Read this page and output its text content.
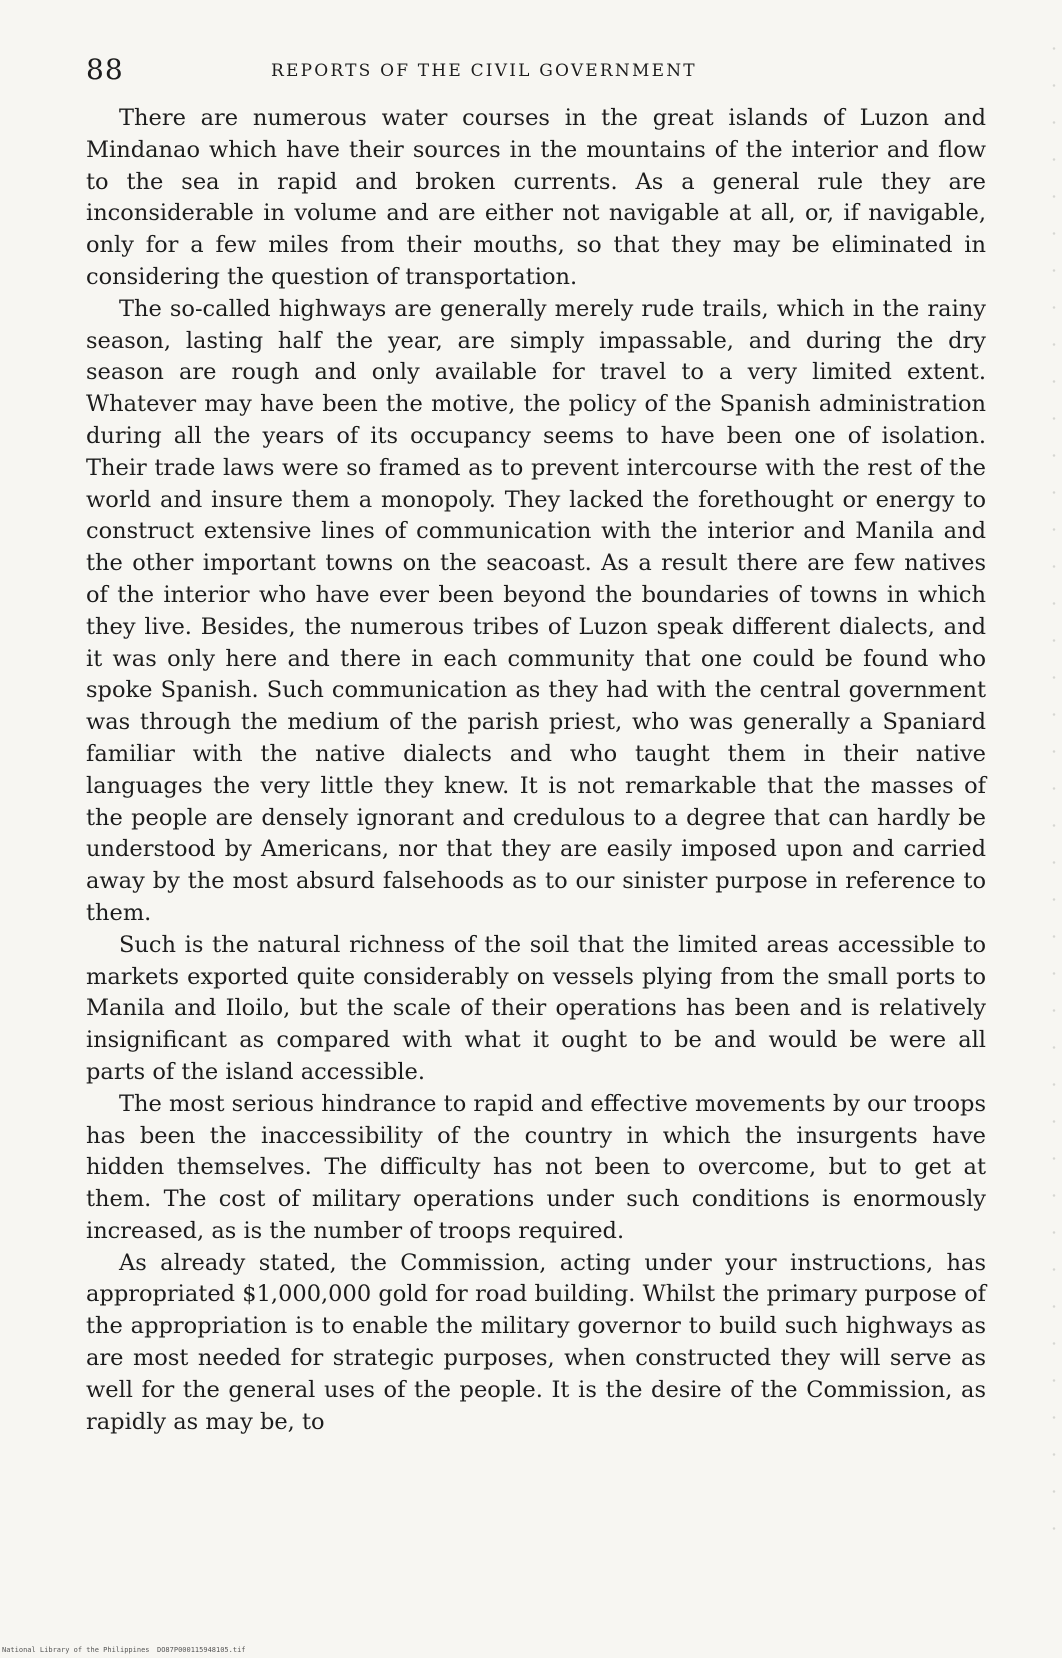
88	REPORTS OF THE CIVIL GOVERNMENT

There are numerous water courses in the great islands of Luzon and Mindanao which have their sources in the mountains of the interior and flow to the sea in rapid and broken currents. As a general rule they are inconsiderable in volume and are either not navigable at all, or, if navigable, only for a few miles from their mouths, so that they may be eliminated in considering the question of transportation.

The so-called highways are generally merely rude trails, which in the rainy season, lasting half the year, are simply impassable, and during the dry season are rough and only available for travel to a very limited extent. Whatever may have been the motive, the policy of the Spanish administration during all the years of its occupancy seems to have been one of isolation. Their trade laws were so framed as to prevent intercourse with the rest of the world and insure them a monopoly. They lacked the forethought or energy to construct extensive lines of communication with the interior and Manila and the other important towns on the seacoast. As a result there are few natives of the interior who have ever been beyond the boundaries of towns in which they live. Besides, the numerous tribes of Luzon speak different dialects, and it was only here and there in each community that one could be found who spoke Spanish. Such communication as they had with the central government was through the medium of the parish priest, who was generally a Spaniard familiar with the native dialects and who taught them in their native languages the very little they knew. It is not remarkable that the masses of the people are densely ignorant and credulous to a degree that can hardly be understood by Americans, nor that they are easily imposed upon and carried away by the most absurd falsehoods as to our sinister purpose in reference to them.

Such is the natural richness of the soil that the limited areas accessible to markets exported quite considerably on vessels plying from the small ports to Manila and Iloilo, but the scale of their operations has been and is relatively insignificant as compared with what it ought to be and would be were all parts of the island accessible.

The most serious hindrance to rapid and effective movements by our troops has been the inaccessibility of the country in which the insurgents have hidden themselves. The difficulty has not been to overcome, but to get at them. The cost of military operations under such conditions is enormously increased, as is the number of troops required.

As already stated, the Commission, acting under your instructions, has appropriated $1,000,000 gold for road building. Whilst the primary purpose of the appropriation is to enable the military governor to build such highways as are most needed for strategic purposes, when constructed they will serve as well for the general uses of the people. It is the desire of the Commission, as rapidly as may be, to

National Library of the Philippines DO87P000115948105.tif
